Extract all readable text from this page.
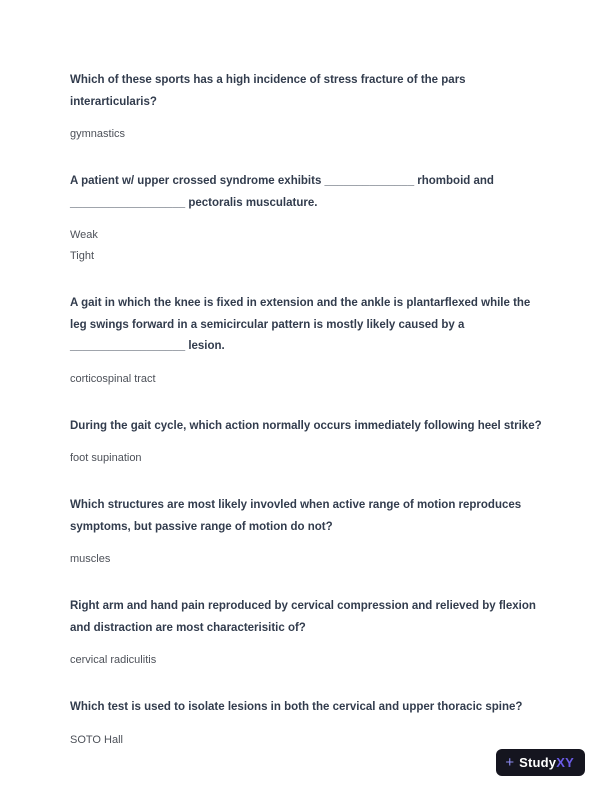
Which of these sports has a high incidence of stress fracture of the pars interarticularis?
gymnastics
A patient w/ upper crossed syndrome exhibits ______________ rhomboid and __________________ pectoralis musculature.
Weak
Tight
A gait in which the knee is fixed in extension and the ankle is plantarflexed while the leg swings forward in a semicircular pattern is mostly likely caused by a __________________ lesion.
corticospinal tract
During the gait cycle, which action normally occurs immediately following heel strike?
foot supination
Which structures are most likely invovled when active range of motion reproduces symptoms, but passive range of motion do not?
muscles
Right arm and hand pain reproduced by cervical compression and relieved by flexion and distraction are most characterisitic of?
cervical radiculitis
Which test is used to isolate lesions in both the cervical and upper thoracic spine?
SOTO Hall
+ StudyXY
